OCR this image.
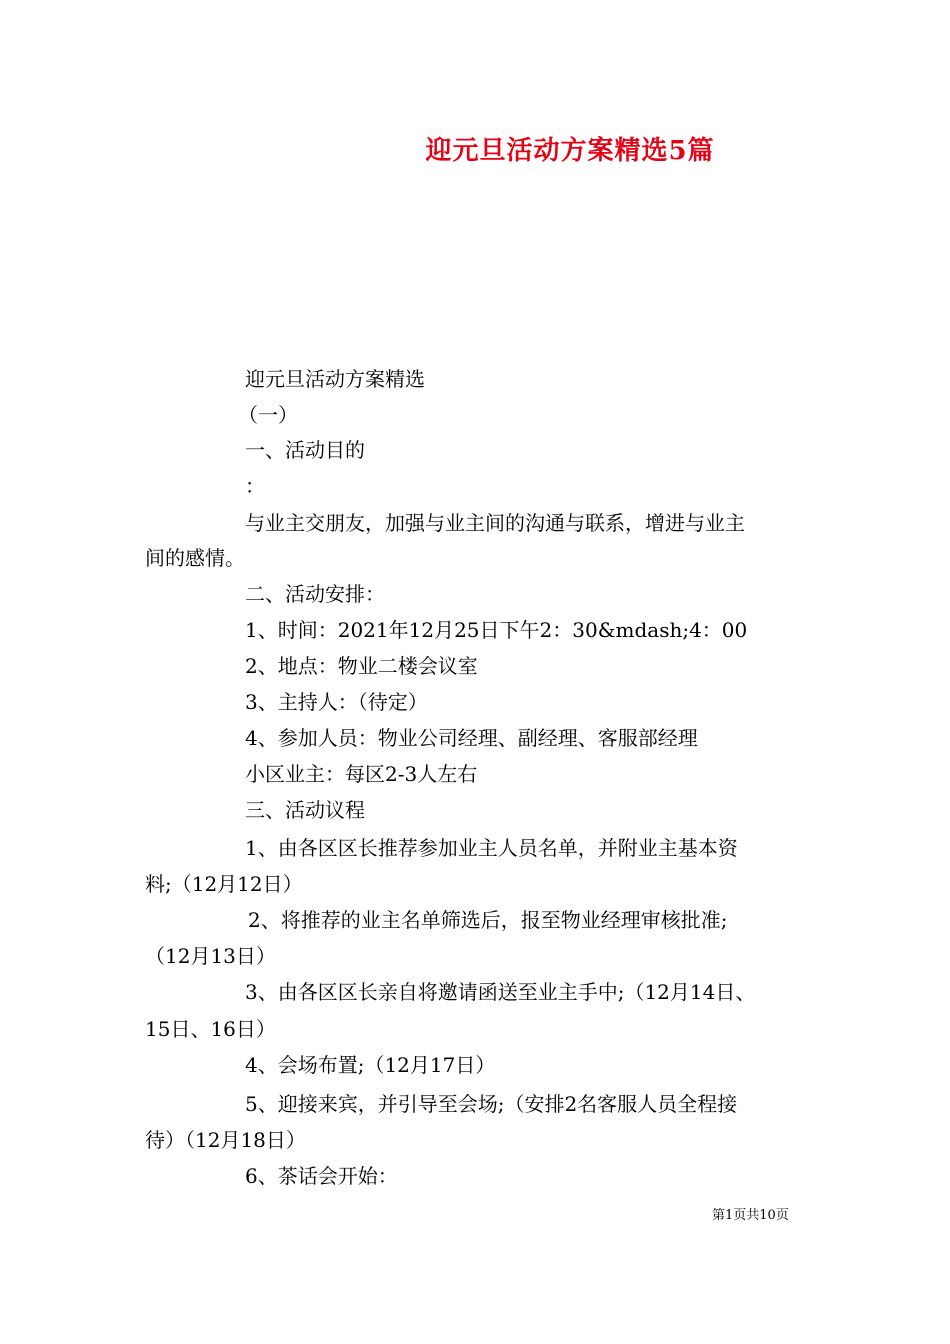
迎元旦活动方案精选5篇
迎元旦活动方案精选
（一）
一、活动目的
：
与业主交朋友，加强与业主间的沟通与联系，增进与业主
间的感情。
二、活动安排：
1、时间：2021年12月25日下午2：30&mdash;4：00
2、地点：物业二楼会议室
3、主持人：（待定）
4、参加人员：物业公司经理、副经理、客服部经理
小区业主：每区2-3人左右
三、活动议程
1、由各区区长推荐参加业主人员名单，并附业主基本资
料;（12月12日）
2、将推荐的业主名单筛选后，报至物业经理审核批准;
（12月13日）
3、由各区区长亲自将邀请函送至业主手中;（12月14日、
15日、16日）
4、会场布置;（12月17日）
5、迎接来宾，并引导至会场;（安排2名客服人员全程接
待）（12月18日）
6、茶话会开始：
第1页共10页
